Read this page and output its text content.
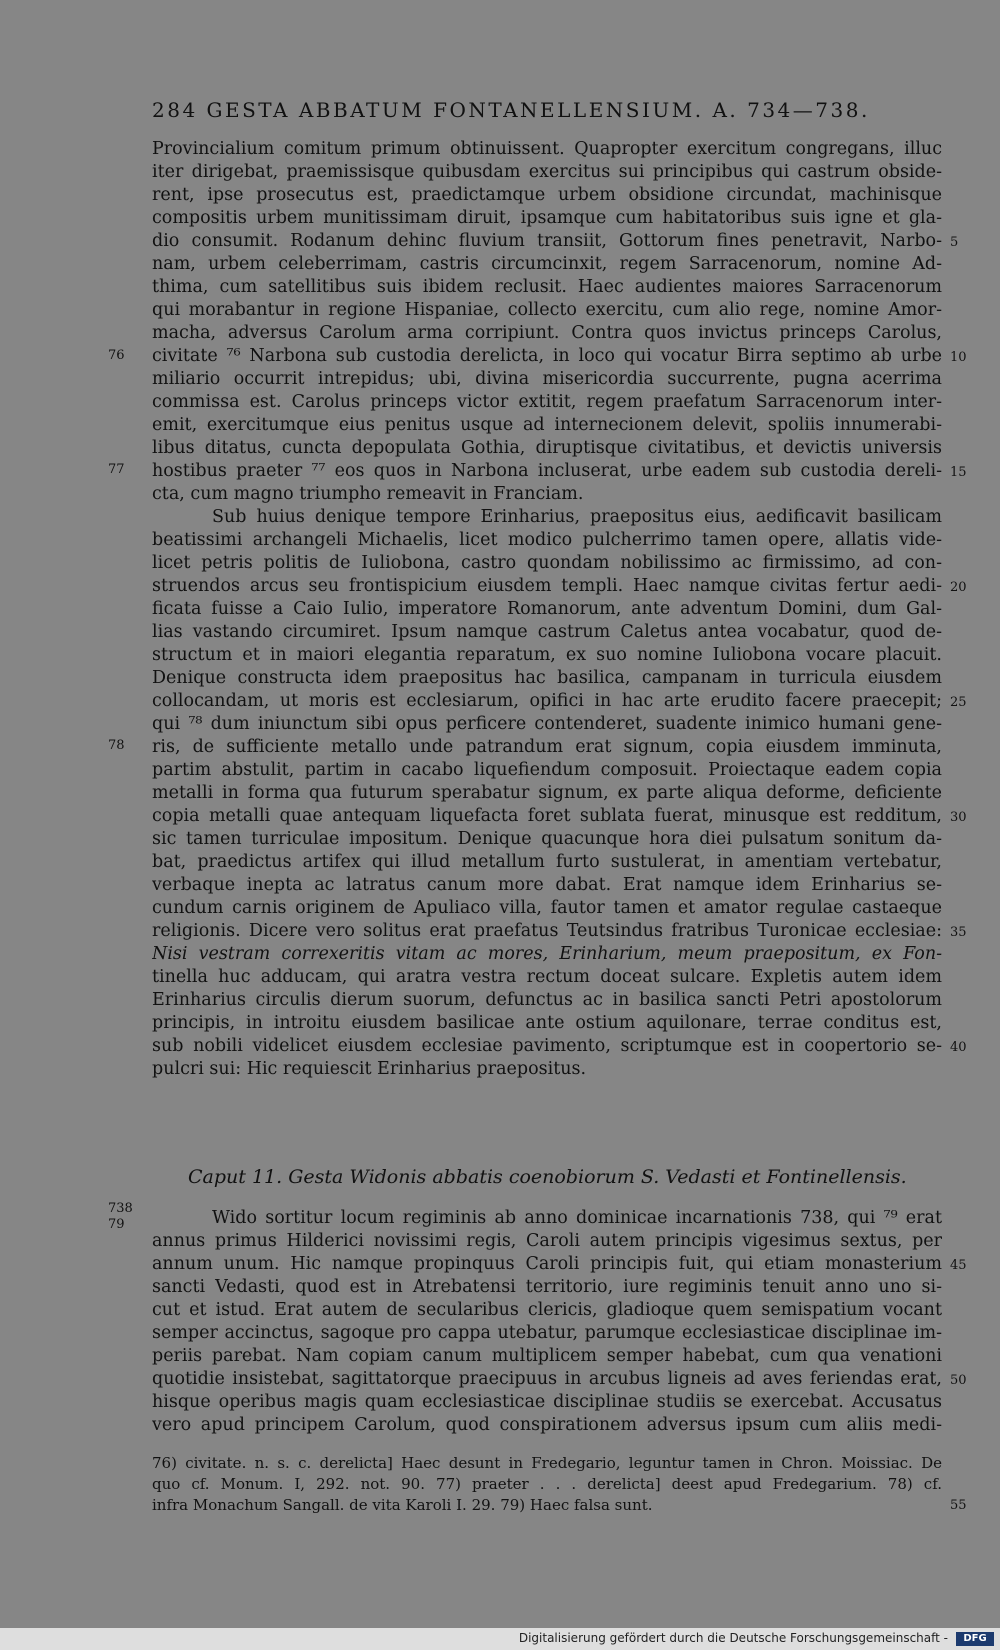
284 GESTA ABBATUM FONTANELLENSIUM. A. 734—738.
Provincialium comitum primum obtinuissent. Quapropter exercitum congregans, illuc
iter dirigebat, praemissisque quibusdam exercitus sui principibus qui castrum obside-
rent, ipse prosecutus est, praedictamque urbem obsidione circundat, machinisque
compositis urbem munitissimam diruit, ipsamque cum habitatoribus suis igne et gla-
dio consumit. Rodanum dehinc fluvium transiit, Gottorum fines penetravit, Narbo-
nam, urbem celeberrimam, castris circumcinxit, regem Sarracenorum, nomine Ad-
thima, cum satellitibus suis ibidem reclusit. Haec audientes maiores Sarracenorum
qui morabantur in regione Hispaniae, collecto exercitu, cum alio rege, nomine Amor-
macha, adversus Carolum arma corripiunt. Contra quos invictus princeps Carolus,
civitate ⁷⁶ Narbona sub custodia derelicta, in loco qui vocatur Birra septimo ab urbe
miliario occurrit intrepidus; ubi, divina misericordia succurrente, pugna acerrima
commissa est. Carolus princeps victor extitit, regem praefatum Sarracenorum inter-
emit, exercitumque eius penitus usque ad internecionem delevit, spoliis innumerabi-
libus ditatus, cuncta depopulata Gothia, diruptisque civitatibus, et devictis universis
hostibus praeter ⁷⁷ eos quos in Narbona incluserat, urbe eadem sub custodia dereli-
cta, cum magno triumpho remeavit in Franciam.
Sub huius denique tempore Erinharius, praepositus eius, aedificavit basilicam
beatissimi archangeli Michaelis, licet modico pulcherrimo tamen opere, allatis vide-
licet petris politis de Iuliobona, castro quondam nobilissimo ac firmissimo, ad con-
struendos arcus seu frontispicium eiusdem templi. Haec namque civitas fertur aedi-
ficata fuisse a Caio Iulio, imperatore Romanorum, ante adventum Domini, dum Gal-
lias vastando circumiret. Ipsum namque castrum Caletus antea vocabatur, quod de-
structum et in maiori elegantia reparatum, ex suo nomine Iuliobona vocare placuit.
Denique constructa idem praepositus hac basilica, campanam in turricula eiusdem
collocandam, ut moris est ecclesiarum, opifici in hac arte erudito facere praecepit;
qui ⁷⁸ dum iniunctum sibi opus perficere contenderet, suadente inimico humani gene-
ris, de sufficiente metallo unde patrandum erat signum, copia eiusdem imminuta,
partim abstulit, partim in cacabo liquefiendum composuit. Proiectaque eadem copia
metalli in forma qua futurum sperabatur signum, ex parte aliqua deforme, deficiente
copia metalli quae antequam liquefacta foret sublata fuerat, minusque est redditum,
sic tamen turriculae impositum. Denique quacunque hora diei pulsatum sonitum da-
bat, praedictus artifex qui illud metallum furto sustulerat, in amentiam vertebatur,
verbaque inepta ac latratus canum more dabat. Erat namque idem Erinharius se-
cundum carnis originem de Apuliaco villa, fautor tamen et amator regulae castaeque
religionis. Dicere vero solitus erat praefatus Teutsindus fratribus Turonicae ecclesiae:
Nisi vestram correxeritis vitam ac mores, Erinharium, meum praepositum, ex Fon-
tinella huc adducam, qui aratra vestra rectum doceat sulcare. Expletis autem idem
Erinharius circulis dierum suorum, defunctus ac in basilica sancti Petri apostolorum
principis, in introitu eiusdem basilicae ante ostium aquilonare, terrae conditus est,
sub nobili videlicet eiusdem ecclesiae pavimento, scriptumque est in coopertorio se-
pulcri sui: Hic requiescit Erinharius praepositus.
Caput 11. Gesta Widonis abbatis coenobiorum S. Vedasti et Fontinellensis.
Wido sortitur locum regiminis ab anno dominicae incarnationis 738, qui ⁷⁹ erat
annus primus Hilderici novissimi regis, Caroli autem principis vigesimus sextus, per
annum unum. Hic namque propinquus Caroli principis fuit, qui etiam monasterium
sancti Vedasti, quod est in Atrebatensi territorio, iure regiminis tenuit anno uno si-
cut et istud. Erat autem de secularibus clericis, gladioque quem semispatium vocant
semper accinctus, sagoque pro cappa utebatur, parumque ecclesiasticae disciplinae im-
periis parebat. Nam copiam canum multiplicem semper habebat, cum qua venationi
quotidie insistebat, sagittatorque praecipuus in arcubus ligneis ad aves feriendas erat,
hisque operibus magis quam ecclesiasticae disciplinae studiis se exercebat. Accusatus
vero apud principem Carolum, quod conspirationem adversus ipsum cum aliis medi-
76) civitate. n. s. c. derelicta] Haec desunt in Fredegario, leguntur tamen in Chron. Moissiac. De
quo cf. Monum. I, 292. not. 90. 77) praeter . . . derelicta] deest apud Fredegarium. 78) cf.
infra Monachum Sangall. de vita Karoli I. 29. 79) Haec falsa sunt.
76
77
78
738
79
5
10
15
20
25
30
35
40
45
50
55
Digitalisierung gefördert durch die Deutsche Forschungsgemeinschaft -	DFG
